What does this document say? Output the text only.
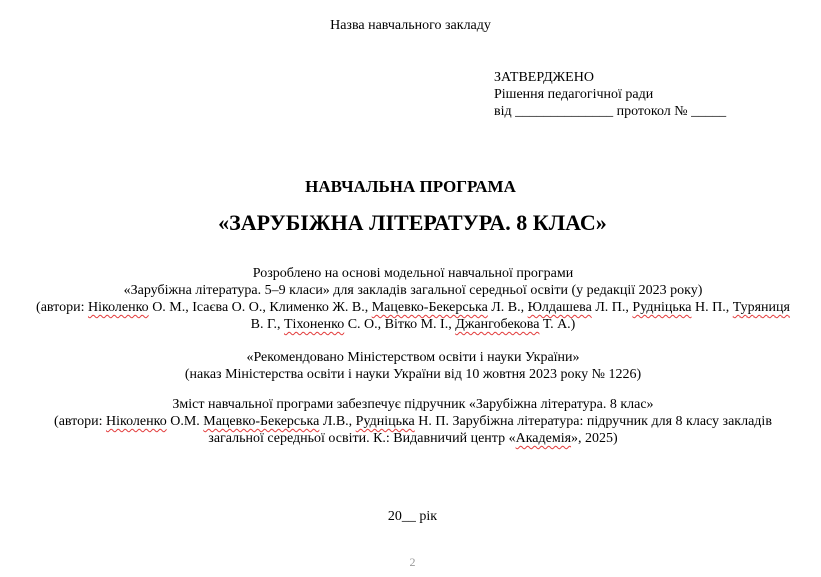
Назва навчального закладу
ЗАТВЕРДЖЕНО
Рішення педагогічної ради
від ______________ протокол № _____
НАВЧАЛЬНА ПРОГРАМА
«ЗАРУБІЖНА ЛІТЕРАТУРА. 8 КЛАС»
Розроблено на основі модельної навчальної програми
«Зарубіжна література. 5–9 класи» для закладів загальної середньої освіти (у редакції 2023 року)
(автори: Ніколенко О. М., Ісаєва О. О., Клименко Ж. В., Мацевко-Бекерська Л. В., Юлдашева Л. П., Рудніцька Н. П., Туряниця
В. Г., Тіхоненко С. О., Вітко М. І., Джангобекова Т. А.)
«Рекомендовано Міністерством освіти і науки України»
(наказ Міністерства освіти і науки України від 10 жовтня 2023 року № 1226)
Зміст навчальної програми забезпечує підручник «Зарубіжна література. 8 клас»
(автори: Ніколенко О.М. Мацевко-Бекерська Л.В., Рудніцька Н. П. Зарубіжна література: підручник для 8 класу закладів
загальної середньої освіти. К.: Видавничий центр «Академія», 2025)
20__ рік
2
